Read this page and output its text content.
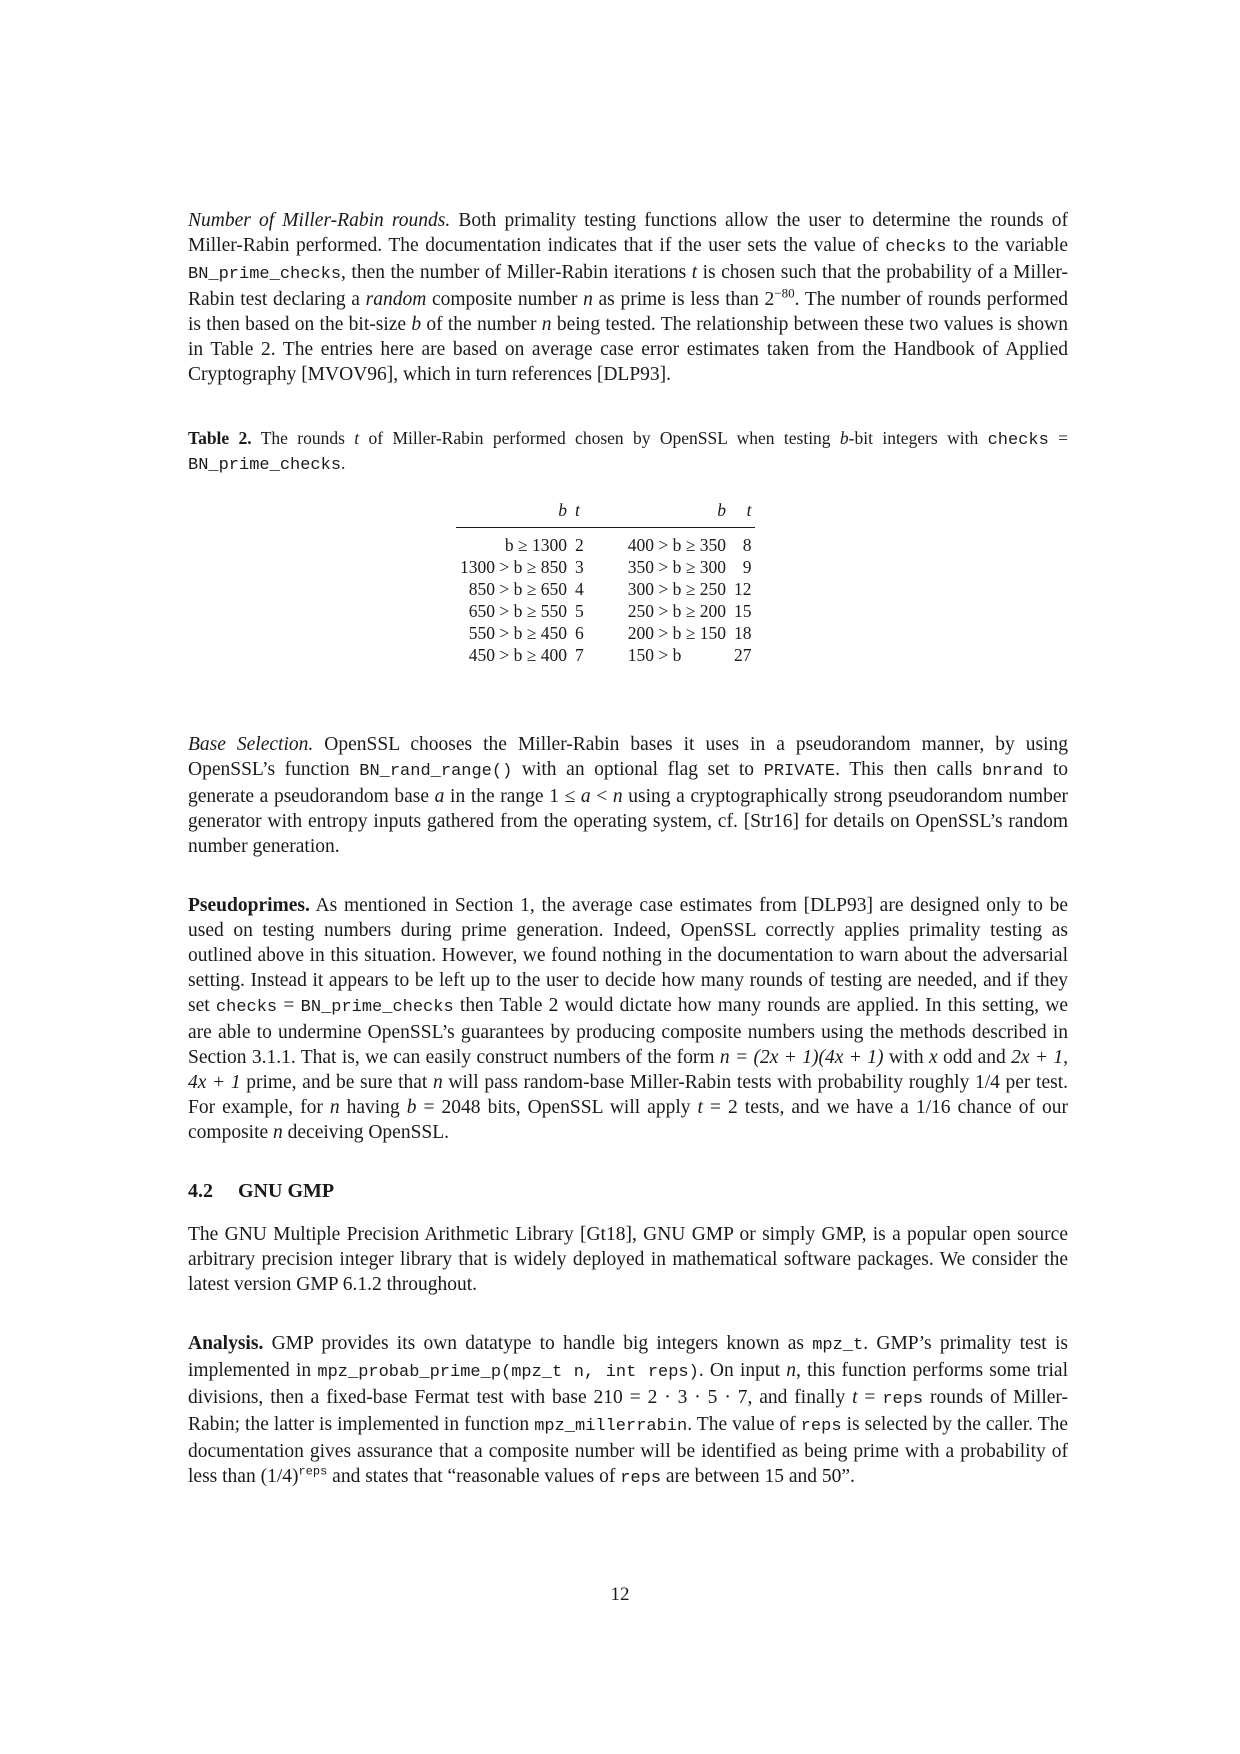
Number of Miller-Rabin rounds. Both primality testing functions allow the user to determine the rounds of Miller-Rabin performed. The documentation indicates that if the user sets the value of checks to the variable BN_prime_checks, then the number of Miller-Rabin iterations t is chosen such that the probability of a Miller-Rabin test declaring a random composite number n as prime is less than $2^{-80}$. The number of rounds performed is then based on the bit-size b of the number n being tested. The relationship between these two values is shown in Table 2. The entries here are based on average case error estimates taken from the Handbook of Applied Cryptography [MVOV96], which in turn references [DLP93].

Table 2. The rounds t of Miller-Rabin performed chosen by OpenSSL when testing b-bit integers with checks = BN_prime_checks.

b	t		b	t
b ≥ 1300	2		400 > b ≥ 350	8
1300 > b ≥ 850	3		350 > b ≥ 300	9
850 > b ≥ 650	4		300 > b ≥ 250	12
650 > b ≥ 550	5		250 > b ≥ 200	15
550 > b ≥ 450	6		200 > b ≥ 150	18
450 > b ≥ 400	7		150 > b	27

Base Selection. OpenSSL chooses the Miller-Rabin bases it uses in a pseudorandom manner, by using OpenSSL’s function BN_rand_range() with an optional flag set to PRIVATE. This then calls bnrand to generate a pseudorandom base a in the range 1 ≤ a < n using a cryptographically strong pseudorandom number generator with entropy inputs gathered from the operating system, cf. [Str16] for details on OpenSSL’s random number generation.

Pseudoprimes. As mentioned in Section 1, the average case estimates from [DLP93] are designed only to be used on testing numbers during prime generation. Indeed, OpenSSL correctly applies primality testing as outlined above in this situation. However, we found nothing in the documentation to warn about the adversarial setting. Instead it appears to be left up to the user to decide how many rounds of testing are needed, and if they set checks = BN_prime_checks then Table 2 would dictate how many rounds are applied. In this setting, we are able to undermine OpenSSL’s guarantees by producing composite numbers using the methods described in Section 3.1.1. That is, we can easily construct numbers of the form n = (2x + 1)(4x + 1) with x odd and 2x + 1, 4x + 1 prime, and be sure that n will pass random-base Miller-Rabin tests with probability roughly 1/4 per test. For example, for n having b = 2048 bits, OpenSSL will apply t = 2 tests, and we have a 1/16 chance of our composite n deceiving OpenSSL.

4.2 GNU GMP

The GNU Multiple Precision Arithmetic Library [Gt18], GNU GMP or simply GMP, is a popular open source arbitrary precision integer library that is widely deployed in mathematical software packages. We consider the latest version GMP 6.1.2 throughout.

Analysis. GMP provides its own datatype to handle big integers known as mpz_t. GMP’s primality test is implemented in mpz_probab_prime_p(mpz_t n, int reps). On input n, this function performs some trial divisions, then a fixed-base Fermat test with base 210 = 2 · 3 · 5 · 7, and finally t = reps rounds of Miller-Rabin; the latter is implemented in function mpz_millerrabin. The value of reps is selected by the caller. The documentation gives assurance that a composite number will be identified as being prime with a probability of less than $(1/4)^{reps}$ and states that “reasonable values of reps are between 15 and 50”.

12
